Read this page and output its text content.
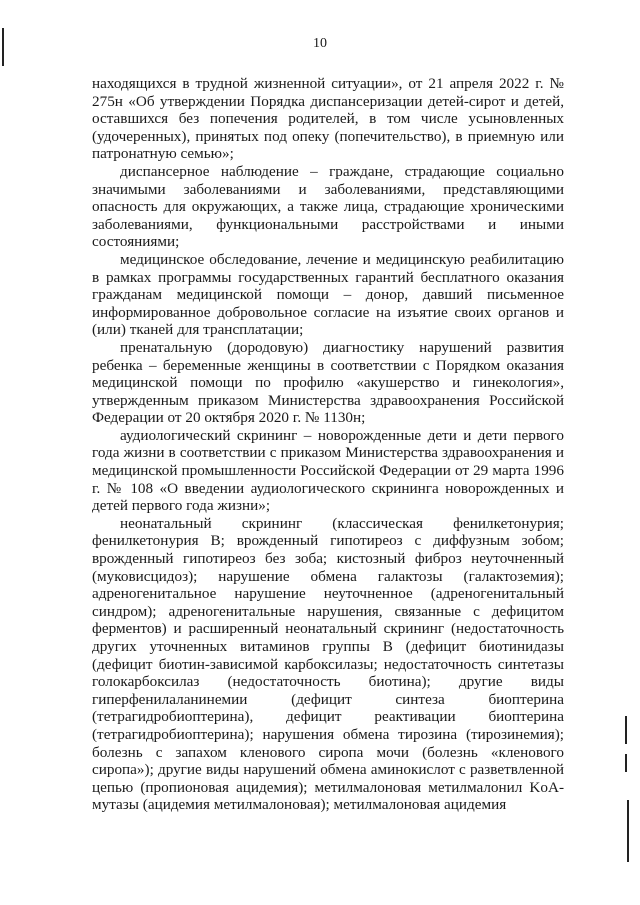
10

находящихся в трудной жизненной ситуации», от 21 апреля 2022 г. № 275н «Об утверждении Порядка диспансеризации детей-сирот и детей, оставшихся без попечения родителей, в том числе усыновленных (удочеренных), принятых под опеку (попечительство), в приемную или патронатную семью»;

диспансерное наблюдение – граждане, страдающие социально значимыми заболеваниями и заболеваниями, представляющими опасность для окружающих, а также лица, страдающие хроническими заболеваниями, функциональными расстройствами и иными состояниями;

медицинское обследование, лечение и медицинскую реабилитацию в рамках программы государственных гарантий бесплатного оказания гражданам медицинской помощи – донор, давший письменное информированное добровольное согласие на изъятие своих органов и (или) тканей для трансплатации;

пренатальную (дородовую) диагностику нарушений развития ребенка – беременные женщины в соответствии с Порядком оказания медицинской помощи по профилю «акушерство и гинекология», утвержденным приказом Министерства здравоохранения Российской Федерации от 20 октября 2020 г. № 1130н;

аудиологический скрининг – новорожденные дети и дети первого года жизни в соответствии с приказом Министерства здравоохранения и медицинской промышленности Российской Федерации от 29 марта 1996 г. № 108 «О введении аудиологического скрининга новорожденных и детей первого года жизни»;

неонатальный скрининг (классическая фенилкетонурия; фенилкетонурия B; врожденный гипотиреоз с диффузным зобом; врожденный гипотиреоз без зоба; кистозный фиброз неуточненный (муковисцидоз); нарушение обмена галактозы (галактоземия); адреногенитальное нарушение неуточненное (адреногенитальный синдром); адреногенитальные нарушения, связанные с дефицитом ферментов) и расширенный неонатальный скрининг (недостаточность других уточненных витаминов группы B (дефицит биотинидазы (дефицит биотин-зависимой карбоксилазы; недостаточность синтетазы голокарбоксилаз (недостаточность биотина); другие виды гиперфенилаланинемии (дефицит синтеза биоптерина (тетрагидробиоптерина), дефицит реактивации биоптерина (тетрагидробиоптерина); нарушения обмена тирозина (тирозинемия); болезнь с запахом кленового сиропа мочи (болезнь «кленового сиропа»); другие виды нарушений обмена аминокислот с разветвленной цепью (пропионовая ацидемия); метилмалоновая метилмалонил KoA-мутазы (ацидемия метилмалоновая); метилмалоновая ацидемия
